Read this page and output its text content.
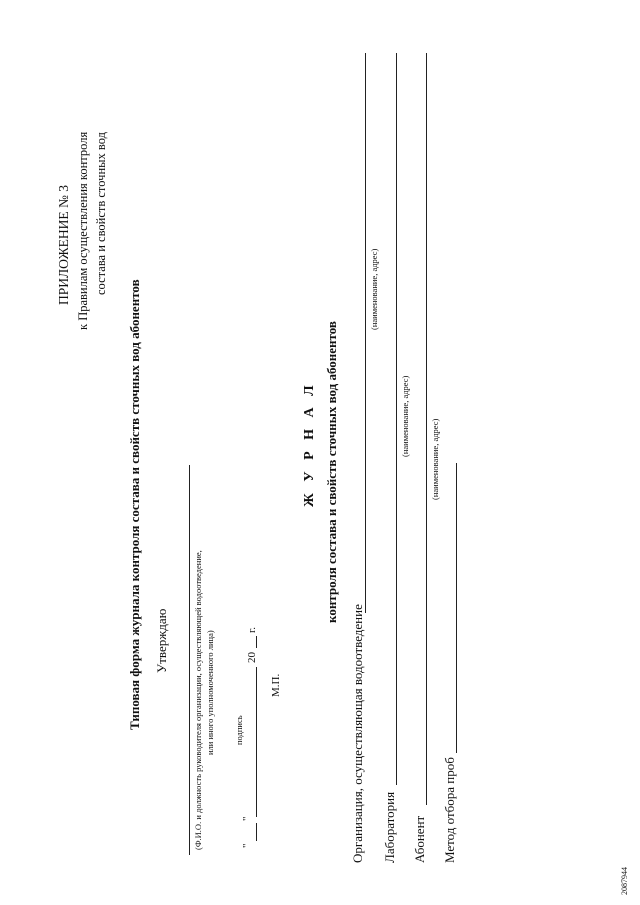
ПРИЛОЖЕНИЕ № 3 к Правилам осуществления контроля состава и свойств сточных вод
Типовая форма журнала контроля состава и свойств сточных вод абонентов Утверждаю	(Ф.И.О. и должность руководителя организации, осуществляющей водоотведение, или иного уполномоченного лица)
"
"
подпись
20
г.
М.П.
Ж У Р Н А Л контроля состава и свойств сточных вод абонентов
Организация, осуществляющая водоотведение
(наименование, адрес)
Лаборатория
(наименование, адрес)
Абонент
(наименование, адрес)
Метод отбора проб
2087944
